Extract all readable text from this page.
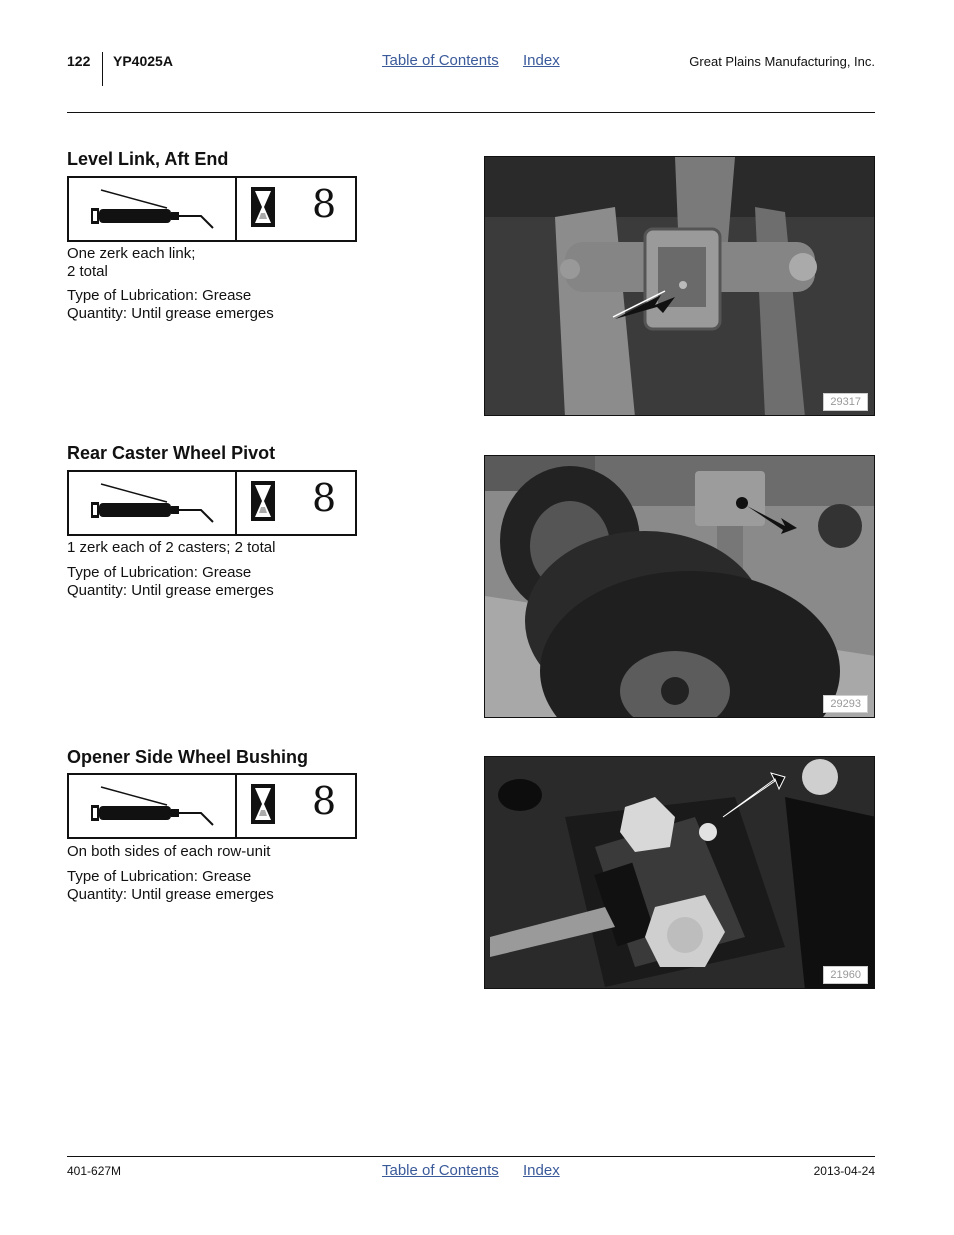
122 YP4025A	Table of Contents Index	Great Plains Manufacturing, Inc.
Level Link, Aft End
8
One zerk each link;
2 total
Type of Lubrication: Grease
Quantity: Until grease emerges
29317
Rear Caster Wheel Pivot
8
1 zerk each of 2 casters; 2 total
Type of Lubrication: Grease
Quantity: Until grease emerges
29293
Opener Side Wheel Bushing
8
On both sides of each row-unit
Type of Lubrication: Grease
Quantity: Until grease emerges
21960
401-627M	Table of Contents Index	2013-04-24
